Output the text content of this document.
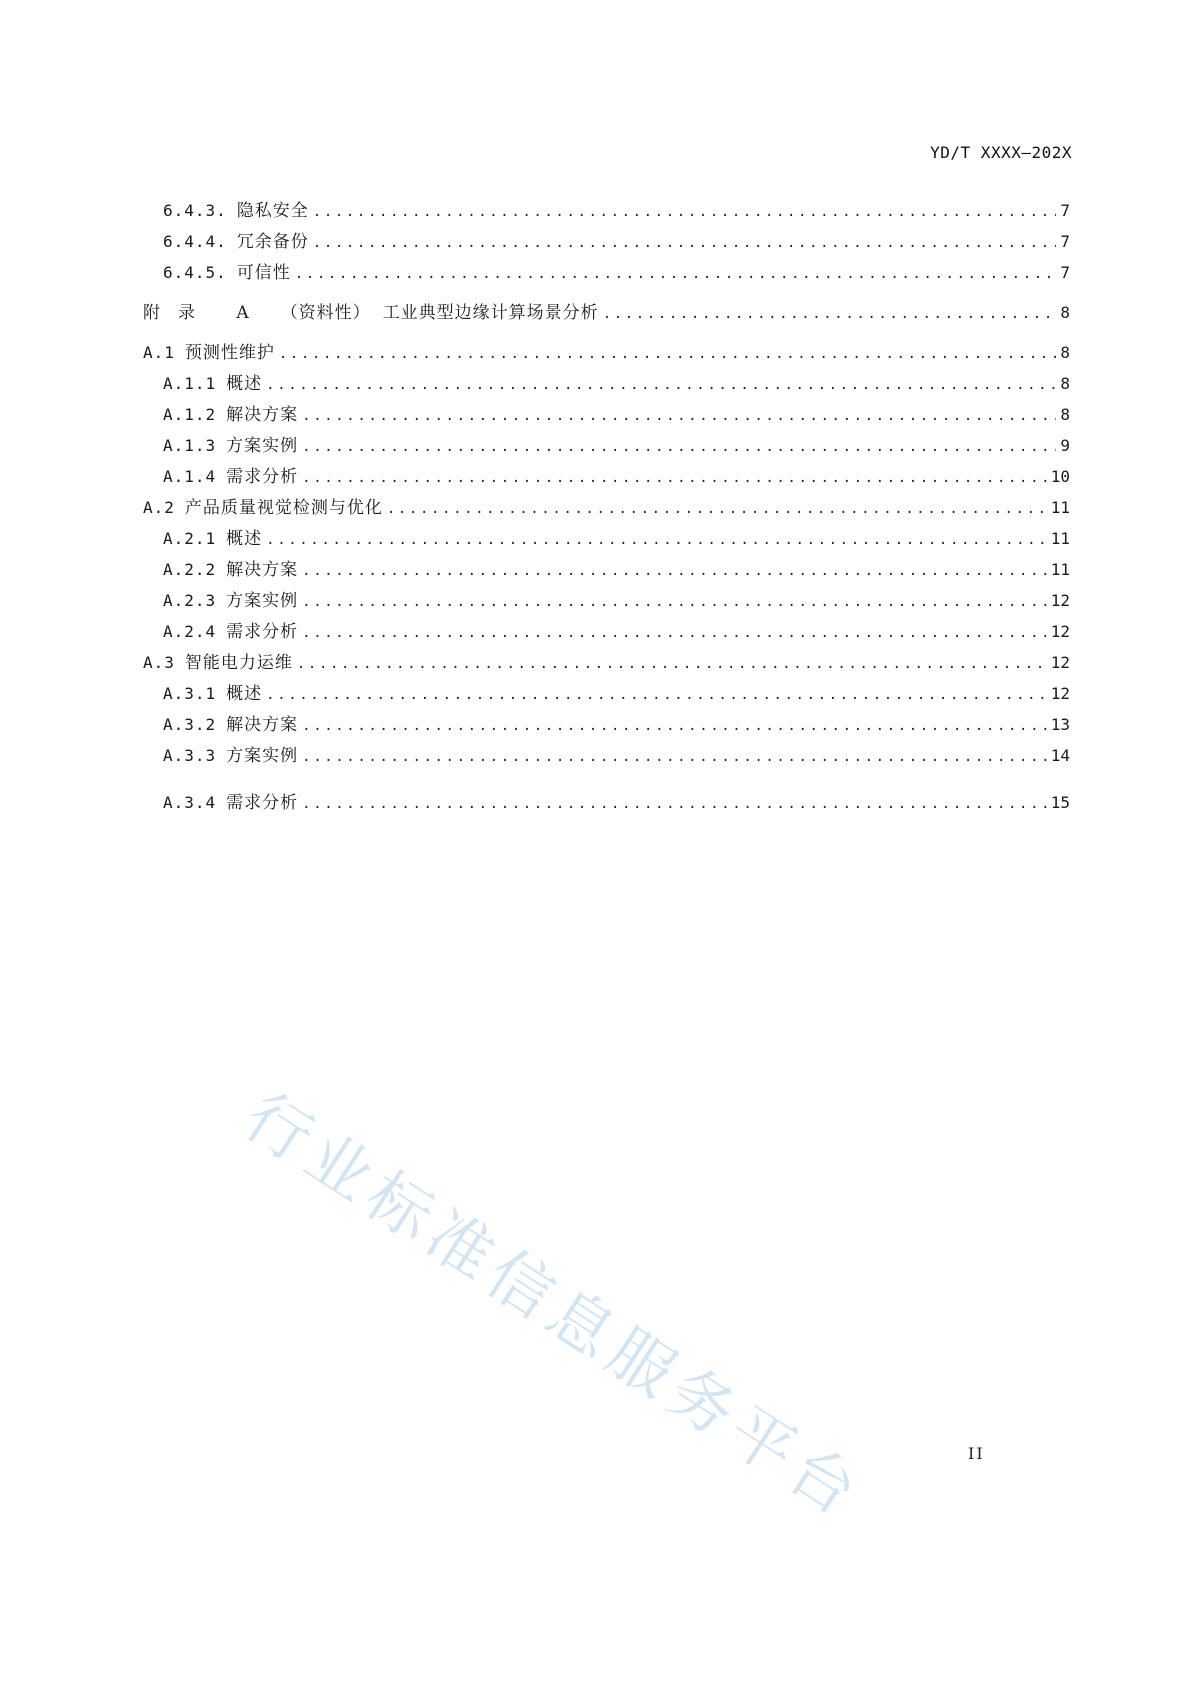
YD/T XXXX—202X
6.4.3. 隐私安全 .....	7
6.4.4. 冗余备份 .....	7
6.4.5. 可信性 .....	7
附录 A （资料性） 工业典型边缘计算场景分析 .....	8
A.1 预测性维护 .....	8
A.1.1 概述 .....	8
A.1.2 解决方案 .....	8
A.1.3 方案实例 .....	9
A.1.4 需求分析 .....	10
A.2 产品质量视觉检测与优化 .....	11
A.2.1 概述 .....	11
A.2.2 解决方案 .....	11
A.2.3 方案实例 .....	12
A.2.4 需求分析 .....	12
A.3 智能电力运维 .....	12
A.3.1 概述 .....	12
A.3.2 解决方案 .....	13
A.3.3 方案实例 .....	14
A.3.4 需求分析 .....	15
行业标准信息服务平台	II
